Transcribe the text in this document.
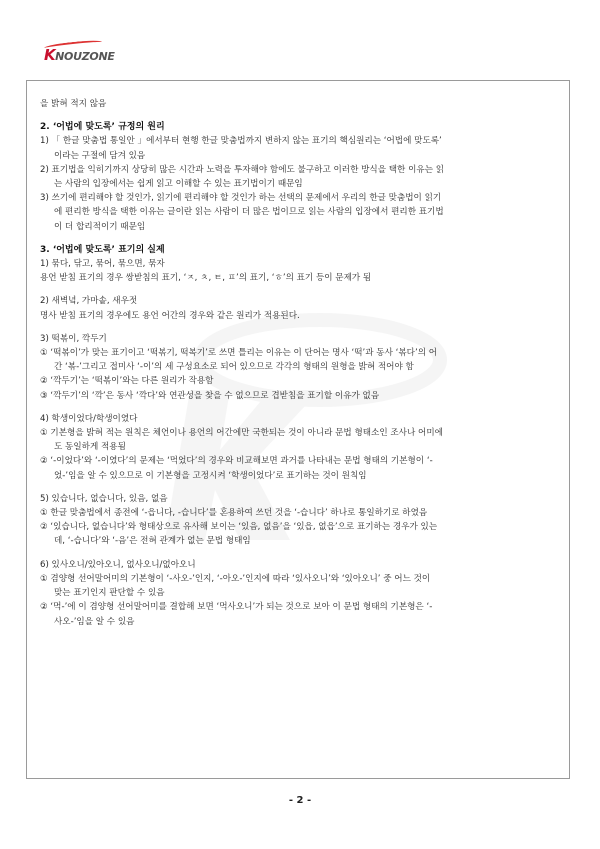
K NOUZONE
을 밝혀 적지 않음
2. ‘어법에 맞도록’ 규정의 원리
1) 「 한글 맞춤법 통일안 」에서부터 현행 한글 맞춤법까지 변하지 않는 표기의 핵심원리는 ‘어법에 맞도록’
이라는 구절에 담겨 있음
2) 표기법을 익히기까지 상당히 많은 시간과 노력을 투자해야 함에도 불구하고 이러한 방식을 택한 이유는 읽
는 사람의 입장에서는 쉽게 읽고 이해할 수 있는 표기법이기 때문임
3) 쓰기에 편리해야 할 것인가, 읽기에 편리해야 할 것인가 하는 선택의 문제에서 우리의 한글 맞춤법이 읽기
에 편리한 방식을 택한 이유는 글이란 읽는 사람이 더 많은 법이므로 읽는 사람의 입장에서 편리한 표기법
이 더 합리적이기 때문임
3. ‘어법에 맞도록’ 표기의 실제
1) 묶다, 닦고, 묶어, 묶으면, 묶자
용언 받침 표기의 경우 쌍받침의 표기, ‘ㅈ, ㅊ, ㅌ, ㅍ’의 표기, ‘ㅎ’의 표기 등이 문제가 됨
2) 새벽녘, 가마솥, 새우젓
명사 받침 표기의 경우에도 용언 어간의 경우와 같은 원리가 적용된다.
3) 떡볶이, 깍두기
① ‘떡볶이’가 맞는 표기이고 ‘떡볶기, 떡복기’로 쓰면 틀리는 이유는 이 단어는 명사 ‘떡’과 동사 ‘볶다’의 어
간 ‘볶-’그리고 접미사 ‘-이’의 세 구성요소로 되어 있으므로 각각의 형태의 원형을 밝혀 적어야 함
② ‘깍두기’는 ‘떡볶이’와는 다른 원리가 작용함
③ ‘깍두기’의 ‘깍’은 동사 ‘깍다’와 연관성을 찾을 수 없으므로 겹받침을 표기할 이유가 없음
4) 학생이었다/학생이였다
① 기본형을 밝혀 적는 원칙은 체언이나 용언의 어간에만 국한되는 것이 아니라 문법 형태소인 조사나 어미에
도 동일하게 적용됨
② ‘-이었다’와 ‘-이였다’의 문제는 ‘먹었다’의 경우와 비교해보면 과거를 나타내는 문법 형태의 기본형이 ‘-
었-’임을 알 수 있으므로 이 기본형을 고정시켜 ‘학생이었다’로 표기하는 것이 원칙임
5) 있습니다, 없습니다, 있음, 없음
① 한글 맞춤법에서 종전에 ‘-읍니다, -습니다’를 혼용하여 쓰던 것을 ‘-습니다’ 하나로 통일하기로 하였음
② ‘있습니다, 없습니다’와 형태상으로 유사해 보이는 ‘있음, 없음’을 ‘있읍, 없읍’으로 표기하는 경우가 있는
데, ‘-습니다’와 ‘-음’은 전혀 관계가 없는 문법 형태임
6) 있사오니/있아오니, 없사오니/없아오니
① 겸양형 선어말어미의 기본형이 ‘-사오-’인지, ‘-아오-’인지에 따라 ‘있사오니’와 ‘있아오니’ 중 어느 것이
맞는 표기인지 판단할 수 있음
② ‘먹-’에 이 겸양형 선어말어미를 결합해 보면 ‘먹사오니’가 되는 것으로 보아 이 문법 형태의 기본형은 ‘-
사오-’임을 알 수 있음
- 2 -
